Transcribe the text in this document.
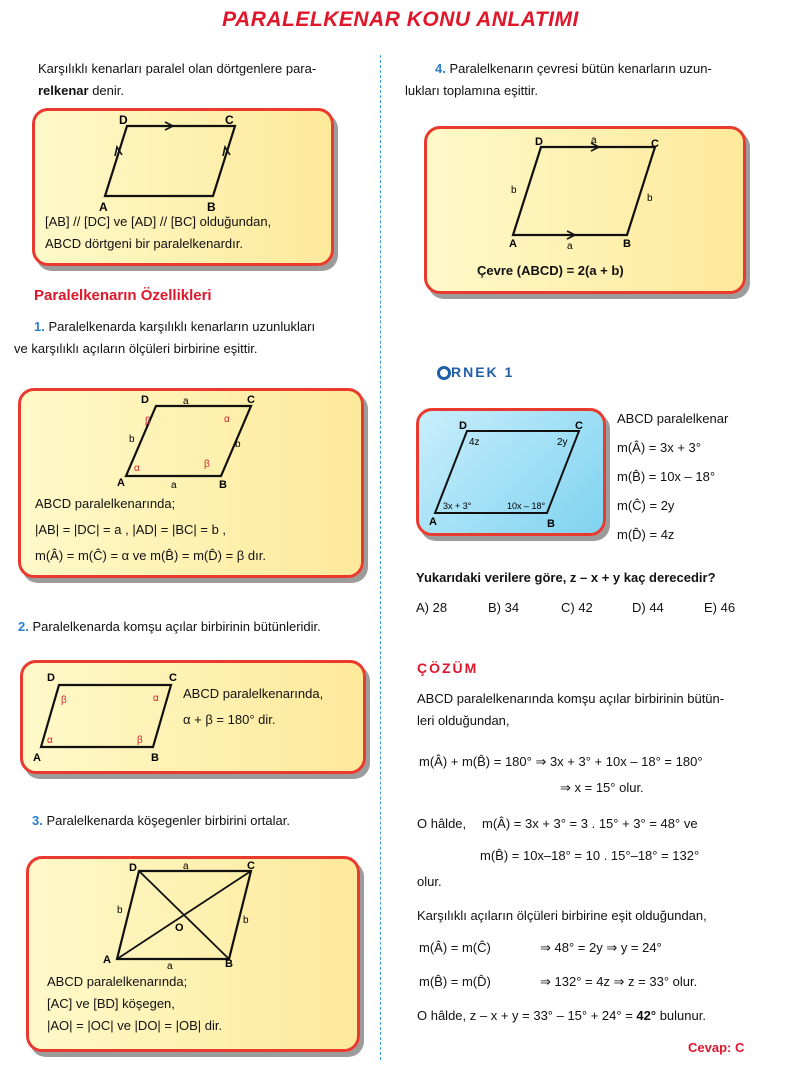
PARALELKENAR KONU ANLATIMI
Karşılıklı kenarları paralel olan dörtgenlere para-
relkenar denir.
D	C
A	B
[AB] // [DC] ve [AD] // [BC] olduğundan,
ABCD dörtgeni bir paralelkenardır.
Paralelkenarın Özellikleri
1. Paralelkenarda karşılıklı kenarların uzunlukları
ve karşılıklı açıların ölçüleri birbirine eşittir.
D	C
A	B
a
a
b	b
α
α
β
β
ABCD paralelkenarında;
|AB| = |DC| = a , |AD| = |BC| = b ,
m(Â) = m(Ĉ) = α ve m(B̂) = m(D̂) = β dır.
2. Paralelkenarda komşu açılar birbirinin bütünleridir.
D	C
A	B
α
α
β
β
ABCD paralelkenarında,
α + β = 180° dir.
3. Paralelkenarda köşegenler birbirini ortalar.
D	C
A	B
O
a
a
b
b
ABCD paralelkenarında;
[AC] ve [BD] köşegen,
|AO| = |OC| ve |DO| = |OB| dir.
4. Paralelkenarın çevresi bütün kenarların uzun-
lukları toplamına eşittir.
D	C
A	B
a
a
b
b
Çevre (ABCD) = 2(a + b)
RNEK 1
D	C
A	B
4z	2y
3x + 3°	10x – 18°
ABCD paralelkenar
m(Â) = 3x + 3°
m(B̂) = 10x – 18°
m(Ĉ) = 2y
m(D̂) = 4z
Yukarıdaki verilere göre, z – x + y kaç derecedir?
A) 28	B) 34	C) 42	D) 44	E) 46
ÇÖZÜM
ABCD paralelkenarında komşu açılar birbirinin bütün-
leri olduğundan,
m(Â) + m(B̂) = 180° ⇒ 3x + 3° + 10x – 18° = 180°
⇒ x = 15° olur.
O hâlde, m(Â) = 3x + 3° = 3 . 15° + 3° = 48° ve
m(B̂) = 10x–18° = 10 . 15°–18° = 132°
olur.
Karşılıklı açıların ölçüleri birbirine eşit olduğundan,
m(Â) = m(Ĉ)	⇒ 48° = 2y ⇒ y = 24°
m(B̂) = m(D̂)	⇒ 132° = 4z ⇒ z = 33° olur.
O hâlde, z – x + y = 33° – 15° + 24° = 42° bulunur.
Cevap: C
